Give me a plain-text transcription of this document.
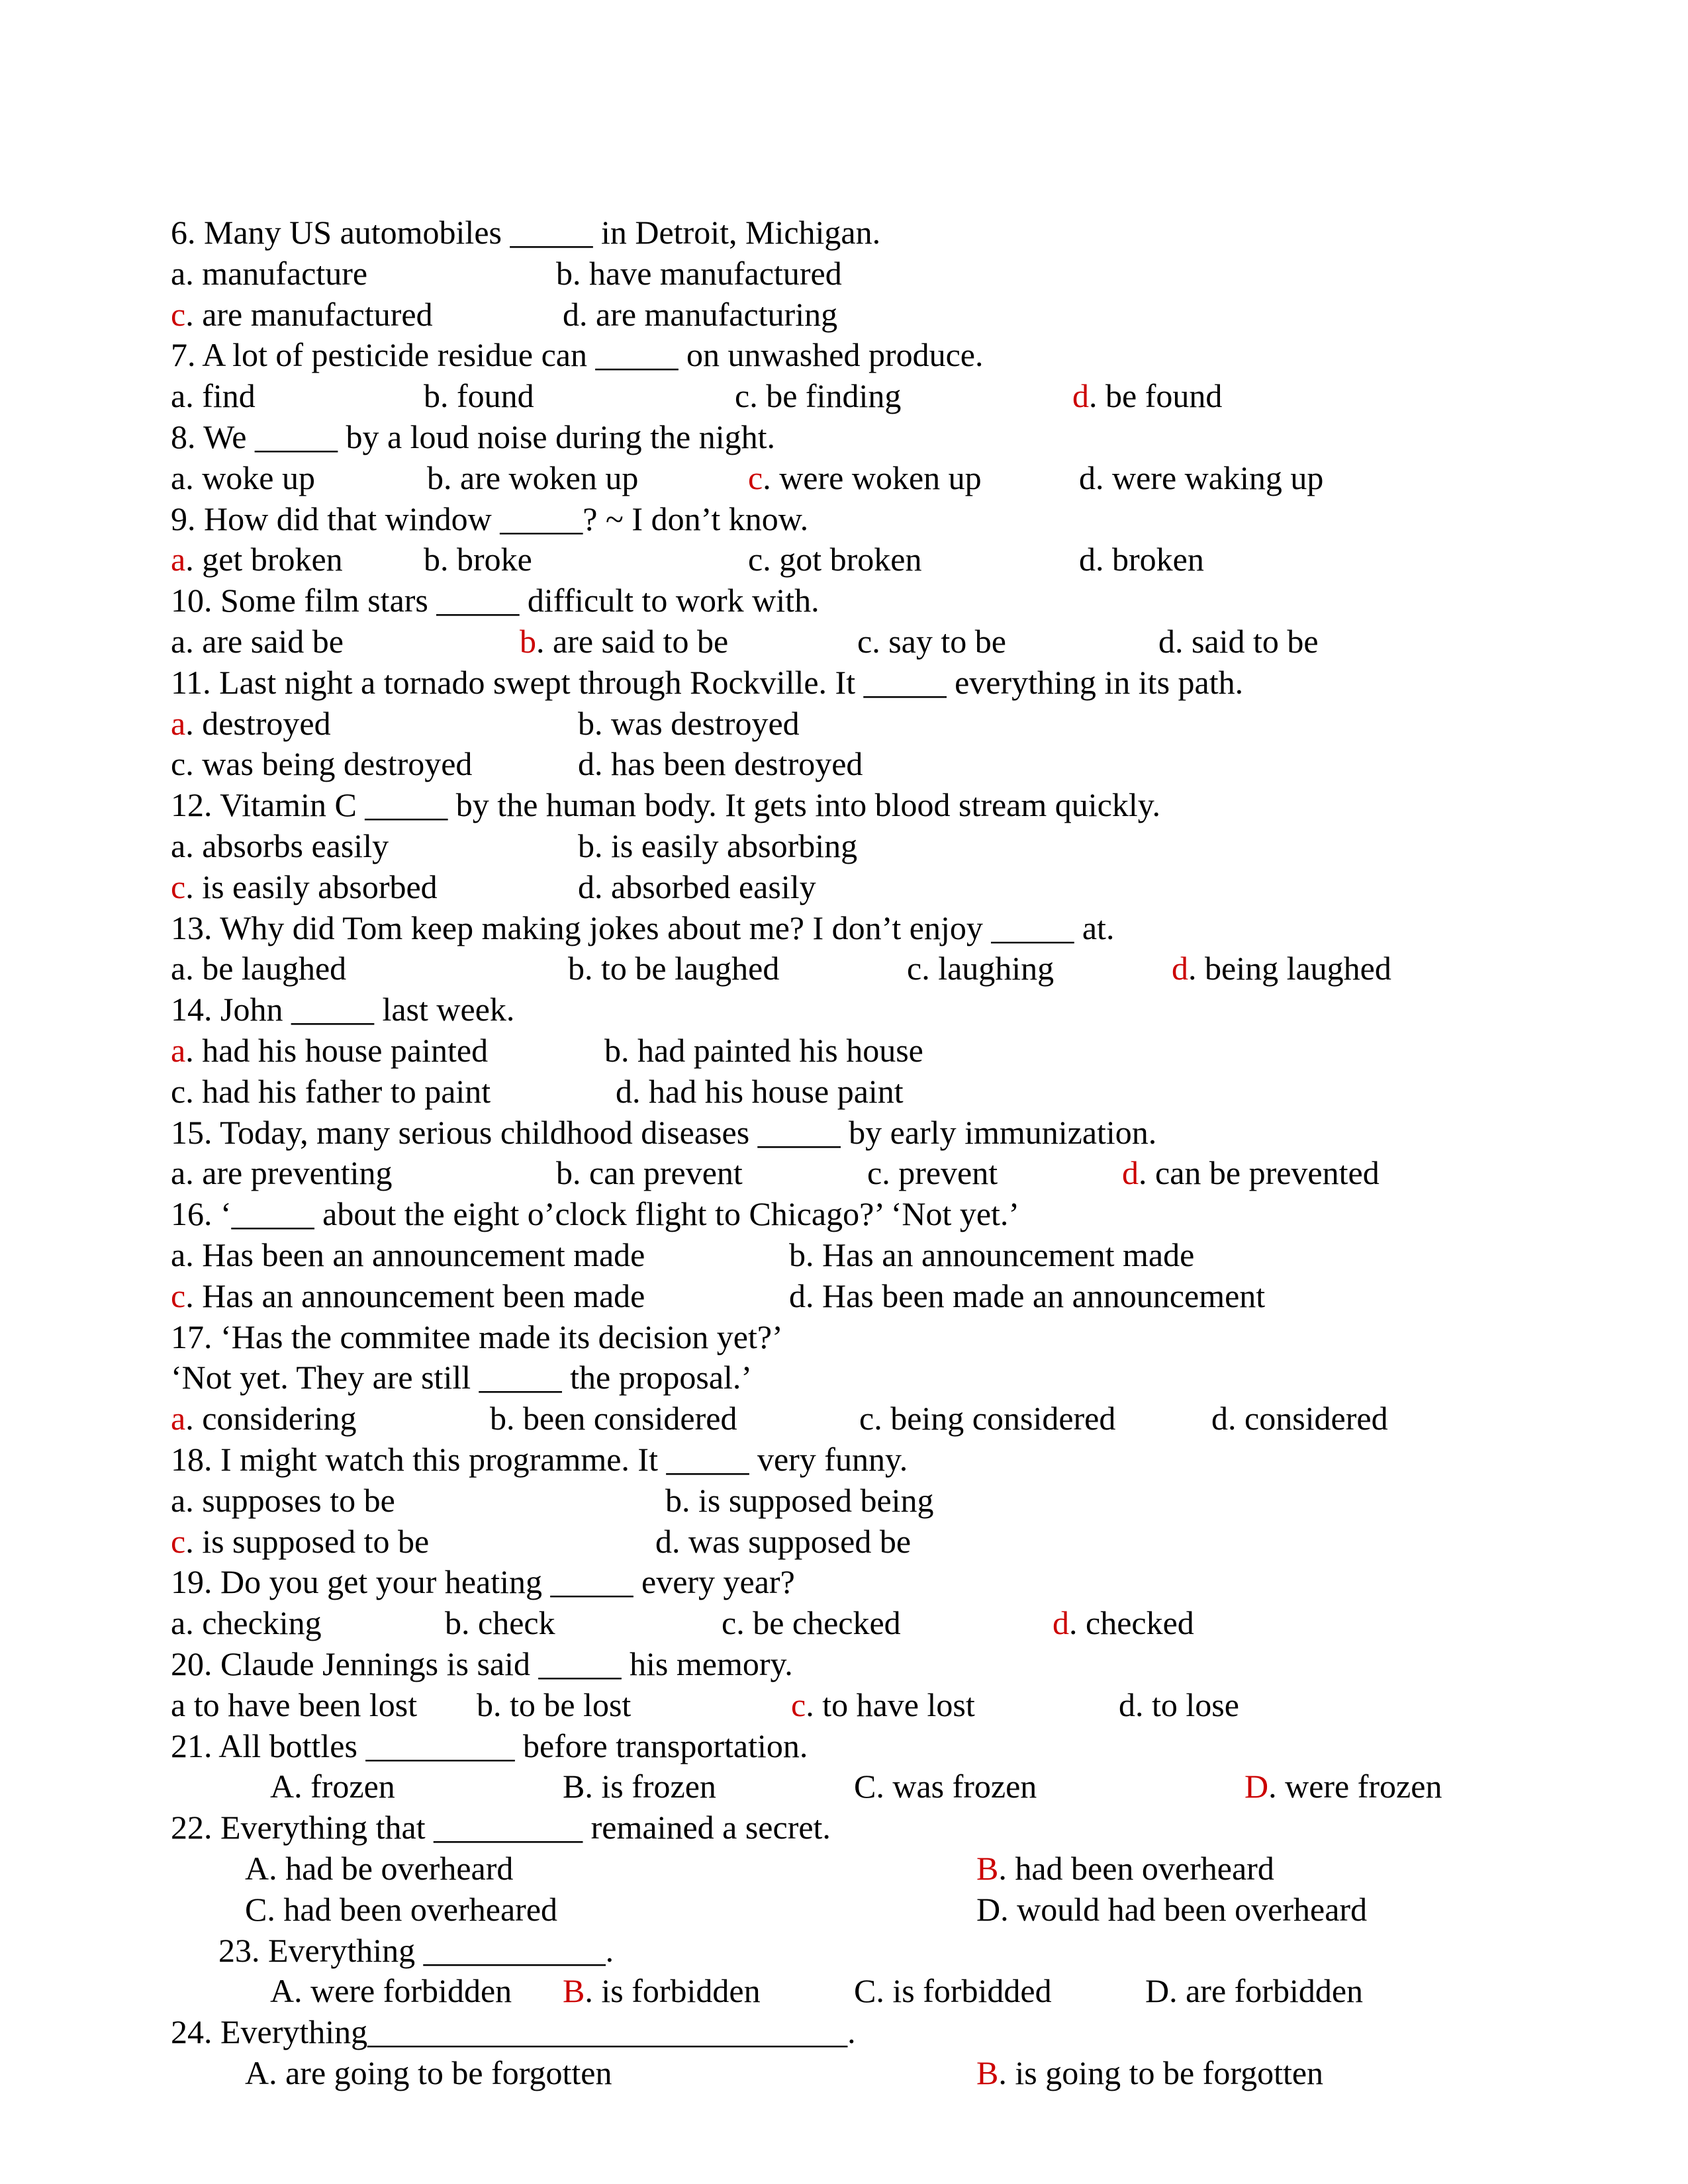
6. Many US automobiles _____ in Detroit, Michigan.
a. manufacture	b. have manufactured
c. are manufactured	d. are manufacturing
7. A lot of pesticide residue can _____ on unwashed produce.
a. find	b. found	c. be finding	d. be found
8. We _____ by a loud noise during the night.
a. woke up	b. are woken up	c. were woken up	d. were waking up
9. How did that window _____? ~ I don’t know.
a. get broken b. broke	c. got broken	d. broken
10. Some film stars _____ difficult to work with.
a. are said be	b. are said to be	c. say to be	d. said to be
11. Last night a tornado swept through Rockville. It _____ everything in its path.
a. destroyed	b. was destroyed
c. was being destroyed	d. has been destroyed
12. Vitamin C _____ by the human body. It gets into blood stream quickly.
a. absorbs easily	b. is easily absorbing
c. is easily absorbed	d. absorbed easily
13. Why did Tom keep making jokes about me? I don’t enjoy _____ at.
a. be laughed	b. to be laughed	c. laughing	d. being laughed
14. John _____ last week.
a. had his house painted	b. had painted his house
c. had his father to paint	d. had his house paint
15. Today, many serious childhood diseases _____ by early immunization.
a. are preventing	b. can prevent	c. prevent	d. can be prevented
16. ‘_____ about the eight o’clock flight to Chicago?’ ‘Not yet.’
a. Has been an announcement made	b. Has an announcement made
c. Has an announcement been made	d. Has been made an announcement
17. ‘Has the commitee made its decision yet?’
‘Not yet. They are still _____ the proposal.’
a. considering	b. been considered	c. being considered	d. considered
18. I might watch this programme. It _____ very funny.
a. supposes to be	b. is supposed being
c. is supposed to be	d. was supposed be
19. Do you get your heating _____ every year?
a. checking	b. check	c. be checked	d. checked
20. Claude Jennings is said _____ his memory.
a to have been lost b. to be lost	c. to have lost	d. to lose
21. All bottles _________ before transportation.
A. frozen	B. is frozen	C. was frozen	D. were frozen
22. Everything that _________ remained a secret.
A. had be overheard	B. had been overheard
C. had been overheared	D. would had been overheard
23. Everything ___________.
A. were forbidden B. is forbidden	C. is forbidded	D. are forbidden
24. Everything_____________________________.
A. are going to be forgotten	B. is going to be forgotten
